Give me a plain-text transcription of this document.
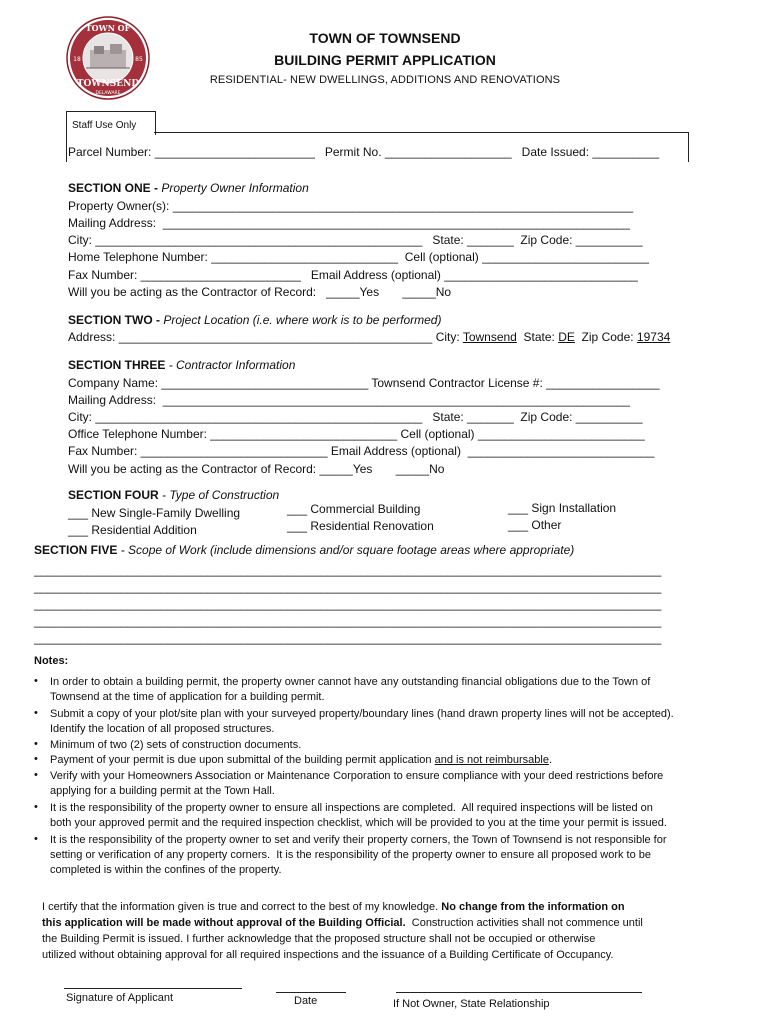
TOWN OF
TOWNSEND
DELAWARE
18	85
TOWN OF TOWNSEND
BUILDING PERMIT APPLICATION
RESIDENTIAL- NEW DWELLINGS, ADDITIONS AND RENOVATIONS
Staff Use Only
Parcel Number: ________________________   Permit No. ___________________   Date Issued: __________
SECTION ONE - Property Owner Information
Property Owner(s): _____________________________________________________________________
Mailing Address:  ______________________________________________________________________
City: _________________________________________________   State: _______  Zip Code: __________
Home Telephone Number: ____________________________  Cell (optional) _________________________
Fax Number: ________________________   Email Address (optional) _____________________________
Will you be acting as the Contractor of Record:   _____Yes       _____No
SECTION TWO - Project Location (i.e. where work is to be performed)
Address: _______________________________________________ City: Townsend  State: DE  Zip Code: 19734
SECTION THREE - Contractor Information
Company Name: _______________________________ Townsend Contractor License #: _________________
Mailing Address:  ______________________________________________________________________
City: _________________________________________________   State: _______  Zip Code: __________
Office Telephone Number: ____________________________ Cell (optional) _________________________
Fax Number: ____________________________ Email Address (optional)  ____________________________
Will you be acting as the Contractor of Record: _____Yes       _____No
SECTION FOUR - Type of Construction
___ New Single-Family Dwelling
___ Residential Addition
___ Commercial Building
___ Residential Renovation
___ Sign Installation
___ Other
SECTION FIVE - Scope of Work (include dimensions and/or square footage areas where appropriate)
______________________________________________________________________________________________
______________________________________________________________________________________________
______________________________________________________________________________________________
______________________________________________________________________________________________
______________________________________________________________________________________________
Notes:
• In order to obtain a building permit, the property owner cannot have any outstanding financial obligations due to the Town of
Townsend at the time of application for a building permit.
• Submit a copy of your plot/site plan with your surveyed property/boundary lines (hand drawn property lines will not be accepted).
Identify the location of all proposed structures.
• Minimum of two (2) sets of construction documents.
• Payment of your permit is due upon submittal of the building permit application and is not reimbursable.
• Verify with your Homeowners Association or Maintenance Corporation to ensure compliance with your deed restrictions before
applying for a building permit at the Town Hall.
• It is the responsibility of the property owner to ensure all inspections are completed.  All required inspections will be listed on
both your approved permit and the required inspection checklist, which will be provided to you at the time your permit is issued.
• It is the responsibility of the property owner to set and verify their property corners, the Town of Townsend is not responsible for
setting or verification of any property corners.  It is the responsibility of the property owner to ensure all proposed work to be
completed is within the confines of the property.
I certify that the information given is true and correct to the best of my knowledge. No change from the information on
this application will be made without approval of the Building Official.  Construction activities shall not commence until
the Building Permit is issued. I further acknowledge that the proposed structure shall not be occupied or otherwise
utilized without obtaining approval for all required inspections and the issuance of a Building Certificate of Occupancy.
Signature of Applicant	Date	If Not Owner, State Relationship
